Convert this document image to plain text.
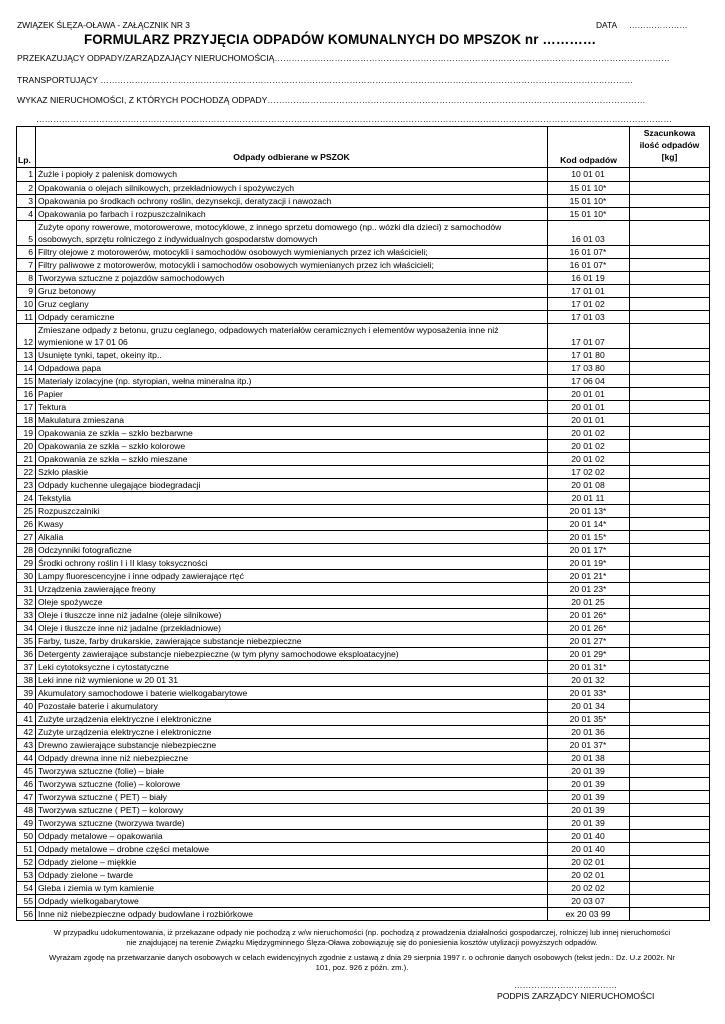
ZWIĄZEK ŚLĘZA-OŁAWA - ZAŁĄCZNIK NR 3	DATA …………………
FORMULARZ PRZYJĘCIA ODPADÓW KOMUNALNYCH DO MPSZOK nr …………
PRZEKAZUJĄCY ODPADY/ZARZĄDZAJĄCY NIERUCHOMOŚCIĄ…………………………………………………………………………………………………………………………
TRANSPORTUJĄCY ……………………………………………………………………………………………………………………………………………………………………
WYKAZ NIERUCHOMOŚCI, Z KTÓRYCH POCHODZĄ ODPADY……………………………………………………………………………………………………………………
……………………………………………………………………………………………………………………………………………………………………………………………………
Lp.	Odpady odbierane w PSZOK	Kod odpadów
Szacunkowa
ilość odpadów
[kg]
1 Żużle i popioły z palenisk domowych	10 01 01
2 Opakowania o olejach silnikowych, przekładniowych i spożywczych	15 01 10*
3 Opakowania po środkach ochrony roślin, dezynsekcji, deratyzacji i nawozach	15 01 10*
4 Opakowania po farbach i rozpuszczalnikach	15 01 10*
5
Zużyte opony rowerowe, motorowerowe, motocyklowe, z innego sprzetu domowego (np.. wózki dla dzieci) z samochodów osobowych, sprzętu rolniczego z indywidualnych gospodarstw domowych	16 01 03
6 Filtry olejowe z motorowerów, motocykli i samochodów osobowych wymienianych przez ich właścicieli;	16 01 07*
7 Filtry paliwowe z motorowerów, motocykli i samochodów osobowych wymienianych przez ich właścicieli;	16 01 07*
8 Tworzywa sztuczne z pojazdów samochodowych	16 01 19
9 Gruz betonowy	17 01 01
10 Gruz ceglany	17 01 02
11 Odpady ceramiczne	17 01 03
12
Zmieszane odpady z betonu, gruzu ceglanego, odpadowych materiałów ceramicznych i elementów wyposażenia inne niż wymienione w 17 01 06	17 01 07
13 Usunięte tynki, tapet, okeiny itp..	17 01 80
14 Odpadowa papa	17 03 80
15 Materiały izolacyjne (np. styropian, wełna mineralna itp.)	17 06 04
16 Papier	20 01 01
17 Tektura	20 01 01
18 Makulatura zmieszana	20 01 01
19 Opakowania ze szkła – szkło bezbarwne	20 01 02
20 Opakowania ze szkła – szkło kolorowe	20 01 02
21 Opakowania ze szkła – szkło mieszane	20 01 02
22 Szkło płaskie	17 02 02
23 Odpady kuchenne ulegające biodegradacji	20 01 08
24 Tekstylia	20 01 11
25 Rozpuszczalniki	20 01 13*
26 Kwasy	20 01 14*
27 Alkalia	20 01 15*
28 Odczynniki fotograficzne	20 01 17*
29 Środki ochrony roślin I i II klasy toksyczności	20 01 19*
30 Lampy fluorescencyjne i inne odpady zawierające rtęć	20 01 21*
31 Urządzenia zawierające freony	20 01 23*
32 Oleje spożywcze	20 01 25
33 Oleje i tłuszcze inne niż jadalne (oleje silnikowe)	20 01 26*
34 Oleje i tłuszcze inne niż jadalne (przekładniowe)	20 01 26*
35 Farby, tusze, farby drukarskie, zawierające substancje niebezpieczne	20 01 27*
36 Detergenty zawierające substancje niebezpieczne (w tym płyny samochodowe eksploatacyjne)	20 01 29*
37 Leki cytotoksyczne i cytostatyczne	20 01 31*
38 Leki inne niż wymienione w 20 01 31	20 01 32
39 Akumulatory samochodowe i baterie wielkogabarytowe	20 01 33*
40 Pozostałe baterie i akumulatory	20 01 34
41 Zużyte urządzenia elektryczne i elektroniczne	20 01 35*
42 Zużyte urządzenia elektryczne i elektroniczne	20 01 36
43 Drewno zawierające substancje niebezpieczne	20 01 37*
44 Odpady drewna inne niż niebezpieczne	20 01 38
45 Tworzywa sztuczne (folie) – białe	20 01 39
46 Tworzywa sztuczne (folie) – kolorowe	20 01 39
47 Tworzywa sztuczne ( PET) – biały	20 01 39
48 Tworzywa sztuczne ( PET) – kolorowy	20 01 39
49 Tworzywa sztuczne (tworzywa twarde)	20 01 39
50 Odpady metalowe – opakowania	20 01 40
51 Odpady metalowe – drobne części metalowe	20 01 40
52 Odpady zielone – miękkie	20 02 01
53 Odpady zielone – twarde	20 02 01
54 Gleba i ziemia w tym kamienie	20 02 02
55 Odpady wielkogabarytowe	20 03 07
56 Inne niż niebezpieczne odpady budowlane i rozbiórkowe	ex 20 03 99
W przypadku udokumentowania, iż przekazane odpady nie pochodzą z w/w nieruchomości (np. pochodzą z prowadzenia działalności gospodarczej, rolniczej lub innej nieruchomości
nie znajdującej na terenie Związku Międzygminnego Ślęza-Oława zobowiązuję się do poniesienia kosztów utylizacji powyższych odpadów.
Wyrażam zgodę na przetwarzanie danych osobowych w celach ewidencyjnych zgodnie z ustawą z dnia 29 sierpnia 1997 r. o ochronie danych osobowych (tekst jedn.: Dz. U.z 2002r. Nr
101, poz. 926 z późn. zm.).
………………………………
PODPIS ZARZĄDCY NIERUCHOMOŚCI
